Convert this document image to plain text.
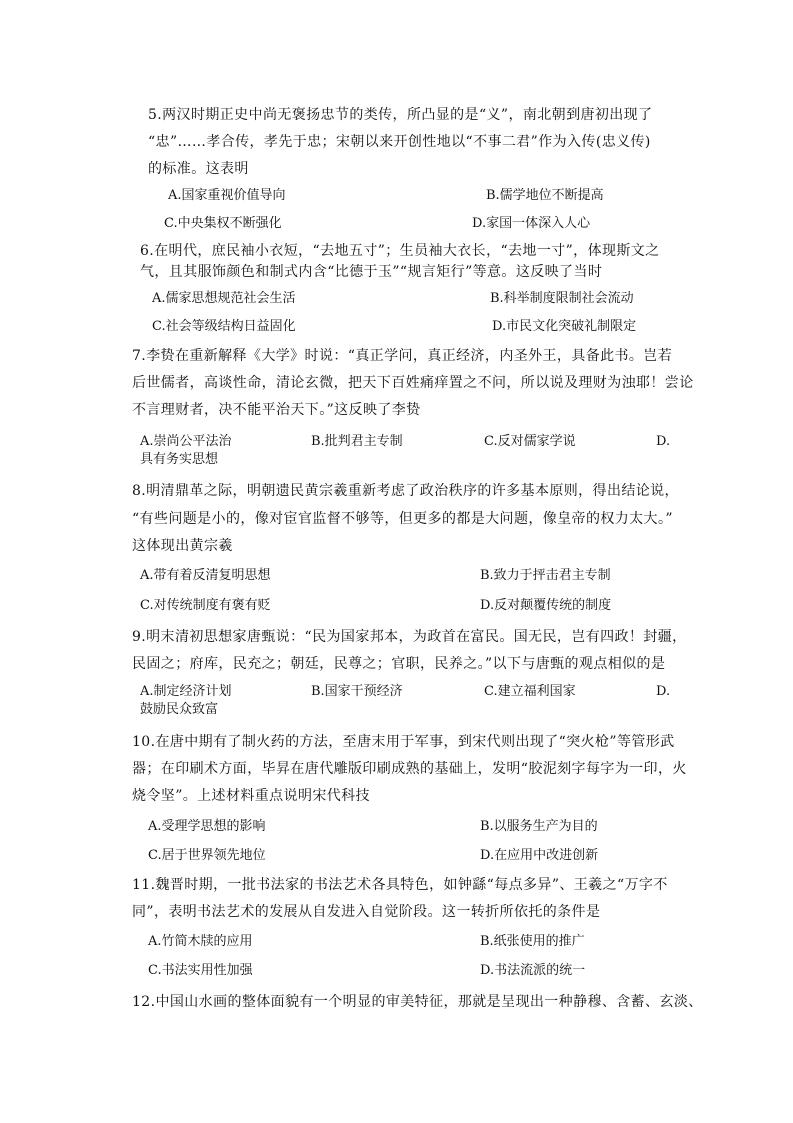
5.两汉时期正史中尚无褒扬忠节的类传，所凸显的是“义”，南北朝到唐初出现了
“忠”……孝合传，孝先于忠；宋朝以来开创性地以“不事二君”作为入传(忠义传)
的标准。这表明
A.国家重视价值导向	B.儒学地位不断提高
C.中央集权不断强化	D.家国一体深入人心
6.在明代，庶民袖小衣短，“去地五寸”；生员袖大衣长，“去地一寸”，体现斯文之
气，且其服饰颜色和制式内含“比德于玉”“规言矩行”等意。这反映了当时
A.儒家思想规范社会生活	B.科举制度限制社会流动
C.社会等级结构日益固化	D.市民文化突破礼制限定
7.李贽在重新解释《大学》时说：“真正学问，真正经济，内圣外王，具备此书。岂若
后世儒者，高谈性命，清论玄微，把天下百姓痛痒置之不问，所以说及理财为浊耶！尝论
不言理财者，决不能平治天下。”这反映了李贽
A.崇尚公平法治	B.批判君主专制	C.反对儒家学说	D.
具有务实思想
8.明清鼎革之际，明朝遗民黄宗羲重新考虑了政治秩序的许多基本原则，得出结论说，
“有些问题是小的，像对宦官监督不够等，但更多的都是大问题，像皇帝的权力太大。”
这体现出黄宗羲
A.带有着反清复明思想	B.致力于抨击君主专制
C.对传统制度有褒有贬	D.反对颠覆传统的制度
9.明末清初思想家唐甄说：“民为国家邦本，为政首在富民。国无民，岂有四政！封疆，
民固之；府库，民充之；朝廷，民尊之；官职，民养之。”以下与唐甄的观点相似的是
A.制定经济计划	B.国家干预经济	C.建立福利国家	D.
鼓励民众致富
10.在唐中期有了制火药的方法，至唐末用于军事，到宋代则出现了“突火枪”等管形武
器；在印刷术方面，毕昇在唐代雕版印刷成熟的基础上，发明“胶泥刻字每字为一印，火
烧令坚”。上述材料重点说明宋代科技
A.受理学思想的影响	B.以服务生产为目的
C.居于世界领先地位	D.在应用中改进创新
11.魏晋时期，一批书法家的书法艺术各具特色，如钟繇“每点多异”、王羲之“万字不
同”，表明书法艺术的发展从自发进入自觉阶段。这一转折所依托的条件是
A.竹简木牍的应用	B.纸张使用的推广
C.书法实用性加强	D.书法流派的统一
12.中国山水画的整体面貌有一个明显的审美特征，那就是呈现出一种静穆、含蓄、玄淡、
